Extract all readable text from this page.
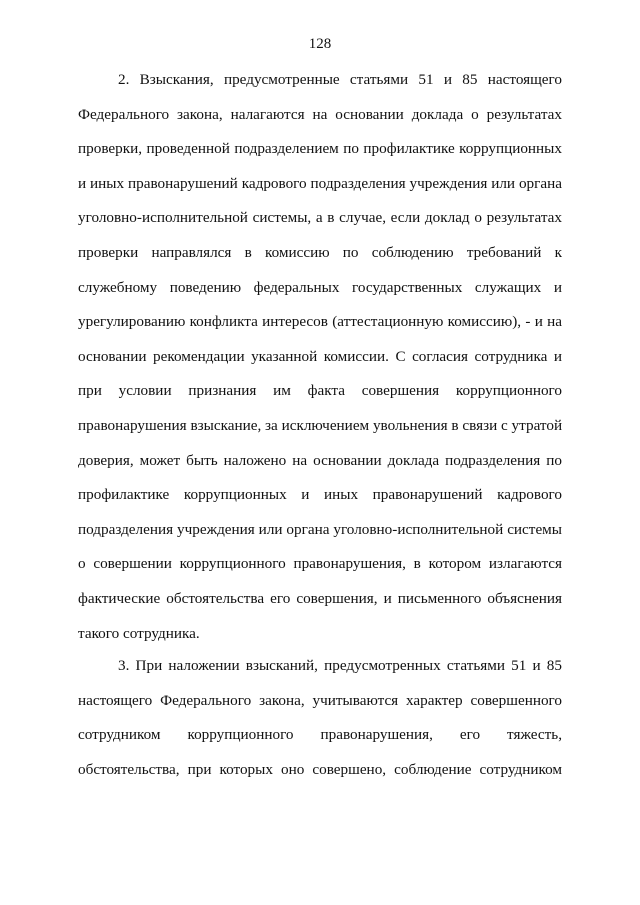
128
2. Взыскания, предусмотренные статьями 51 и 85 настоящего
Федерального закона, налагаются на основании доклада о результатах
проверки, проведенной подразделением по профилактике коррупционных
и иных правонарушений кадрового подразделения учреждения или органа
уголовно-исполнительной системы, а в случае, если доклад о результатах
проверки направлялся в комиссию по соблюдению требований к
служебному поведению федеральных государственных служащих и
урегулированию конфликта интересов (аттестационную комиссию), - и на
основании рекомендации указанной комиссии. С согласия сотрудника и
при условии признания им факта совершения коррупционного
правонарушения взыскание, за исключением увольнения в связи с утратой
доверия, может быть наложено на основании доклада подразделения по
профилактике коррупционных и иных правонарушений кадрового
подразделения учреждения или органа уголовно-исполнительной системы
о совершении коррупционного правонарушения, в котором излагаются
фактические обстоятельства его совершения, и письменного объяснения
такого сотрудника.
3. При наложении взысканий, предусмотренных статьями 51 и 85
настоящего Федерального закона, учитываются характер совершенного
сотрудником коррупционного правонарушения, его тяжесть,
обстоятельства, при которых оно совершено, соблюдение сотрудником
